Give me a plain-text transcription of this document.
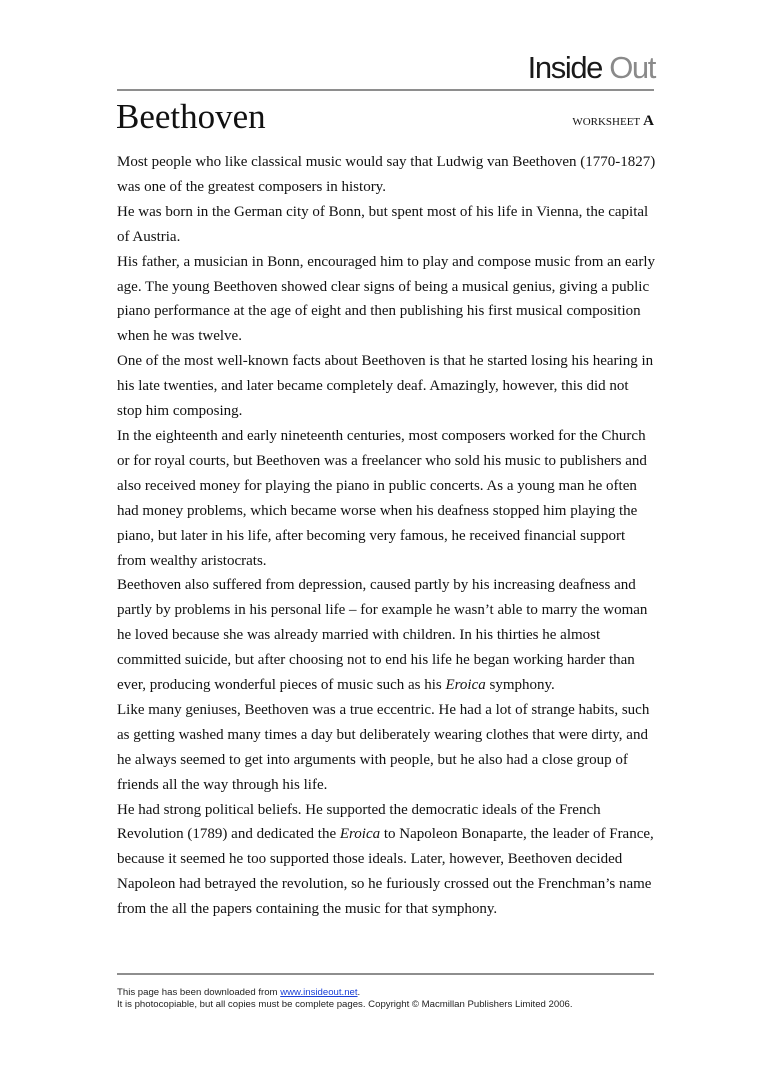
Inside Out
Beethoven	WORKSHEET A

Most people who like classical music would say that Ludwig van Beethoven (1770-1827) was one of the greatest composers in history.

He was born in the German city of Bonn, but spent most of his life in Vienna, the capital of Austria.

His father, a musician in Bonn, encouraged him to play and compose music from an early age. The young Beethoven showed clear signs of being a musical genius, giving a public piano performance at the age of eight and then publishing his first musical composition when he was twelve.

One of the most well-known facts about Beethoven is that he started losing his hearing in his late twenties, and later became completely deaf. Amazingly, however, this did not stop him composing.

In the eighteenth and early nineteenth centuries, most composers worked for the Church or for royal courts, but Beethoven was a freelancer who sold his music to publishers and also received money for playing the piano in public concerts. As a young man he often had money problems, which became worse when his deafness stopped him playing the piano, but later in his life, after becoming very famous, he received financial support from wealthy aristocrats.

Beethoven also suffered from depression, caused partly by his increasing deafness and partly by problems in his personal life – for example he wasn’t able to marry the woman he loved because she was already married with children. In his thirties he almost committed suicide, but after choosing not to end his life he began working harder than ever, producing wonderful pieces of music such as his Eroica symphony.

Like many geniuses, Beethoven was a true eccentric. He had a lot of strange habits, such as getting washed many times a day but deliberately wearing clothes that were dirty, and he always seemed to get into arguments with people, but he also had a close group of friends all the way through his life.

He had strong political beliefs. He supported the democratic ideals of the French Revolution (1789) and dedicated the Eroica to Napoleon Bonaparte, the leader of France, because it seemed he too supported those ideals. Later, however, Beethoven decided Napoleon had betrayed the revolution, so he furiously crossed out the Frenchman’s name from the all the papers containing the music for that symphony.

This page has been downloaded from www.insideout.net.
It is photocopiable, but all copies must be complete pages. Copyright © Macmillan Publishers Limited 2006.
